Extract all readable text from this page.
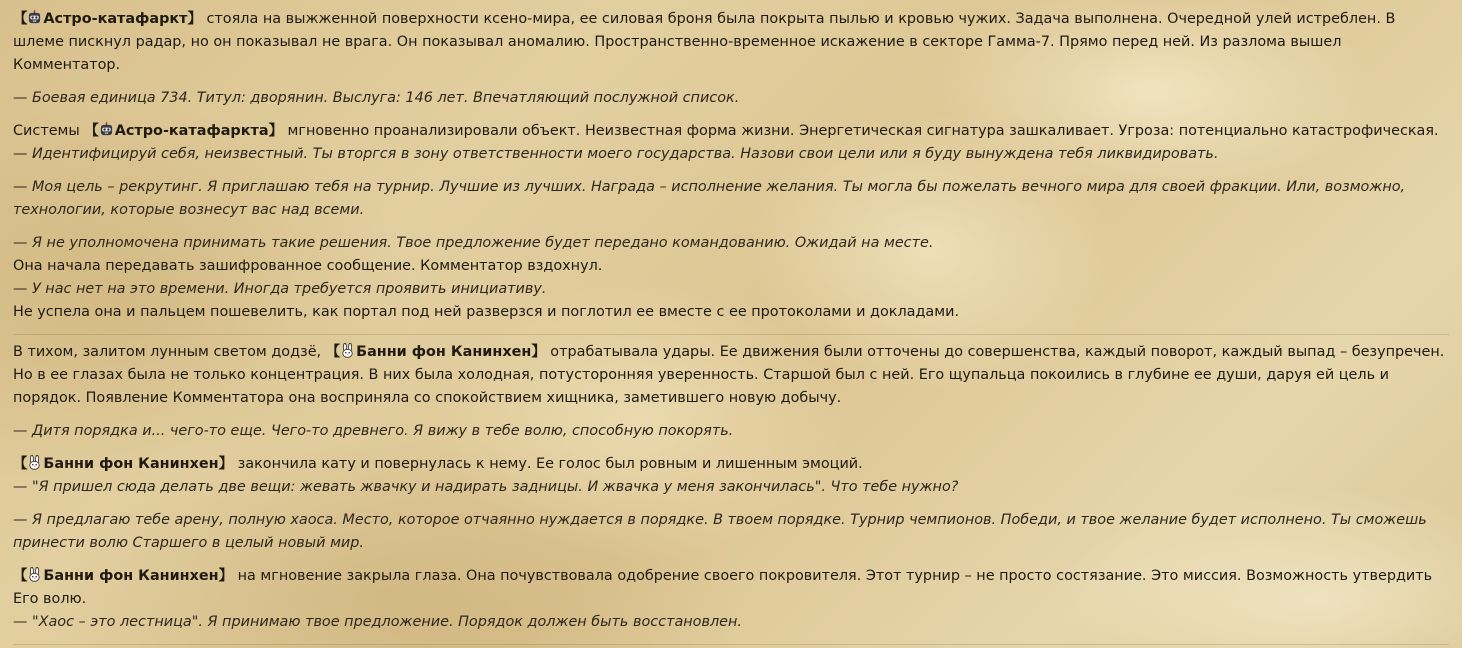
【 Астро-катафаркт】 стояла на выжженной поверхности ксено-мира, ее силовая броня была покрыта пылью и кровью чужих. Задача выполнена. Очередной улей истреблен. В шлеме пискнул радар, но он показывал не врага. Он показывал аномалию. Пространственно-временное искажение в секторе Гамма-7. Прямо перед ней. Из разлома вышел Комментатор.

— Боевая единица 734. Титул: дворянин. Выслуга: 146 лет. Впечатляющий послужной список.

Системы 【 Астро-катафаркта】 мгновенно проанализировали объект. Неизвестная форма жизни. Энергетическая сигнатура зашкаливает. Угроза: потенциально катастрофическая.

— Идентифицируй себя, неизвестный. Ты вторгся в зону ответственности моего государства. Назови свои цели или я буду вынуждена тебя ликвидировать.

— Моя цель – рекрутинг. Я приглашаю тебя на турнир. Лучшие из лучших. Награда – исполнение желания. Ты могла бы пожелать вечного мира для своей фракции. Или, возможно, технологии, которые вознесут вас над всеми.

— Я не уполномочена принимать такие решения. Твое предложение будет передано командованию. Ожидай на месте.

Она начала передавать зашифрованное сообщение. Комментатор вздохнул.

— У нас нет на это времени. Иногда требуется проявить инициативу.

Не успела она и пальцем пошевелить, как портал под ней разверзся и поглотил ее вместе с ее протоколами и докладами.

В тихом, залитом лунным светом додзё, 【 Банни фон Канинхен】 отрабатывала удары. Ее движения были отточены до совершенства, каждый поворот, каждый выпад – безупречен. Но в ее глазах была не только концентрация. В них была холодная, потусторонняя уверенность. Старшой был с ней. Его щупальца покоились в глубине ее души, даруя ей цель и порядок. Появление Комментатора она восприняла со спокойствием хищника, заметившего новую добычу.

— Дитя порядка и... чего-то еще. Чего-то древнего. Я вижу в тебе волю, способную покорять.

【 Банни фон Канинхен】 закончила кату и повернулась к нему. Ее голос был ровным и лишенным эмоций.

— "Я пришел сюда делать две вещи: жевать жвачку и надирать задницы. И жвачка у меня закончилась". Что тебе нужно?

— Я предлагаю тебе арену, полную хаоса. Место, которое отчаянно нуждается в порядке. В твоем порядке. Турнир чемпионов. Победи, и твое желание будет исполнено. Ты сможешь принести волю Старшего в целый новый мир.

【 Банни фон Канинхен】 на мгновение закрыла глаза. Она почувствовала одобрение своего покровителя. Этот турнир – не просто состязание. Это миссия. Возможность утвердить Его волю.

— "Хаос – это лестница". Я принимаю твое предложение. Порядок должен быть восстановлен.
